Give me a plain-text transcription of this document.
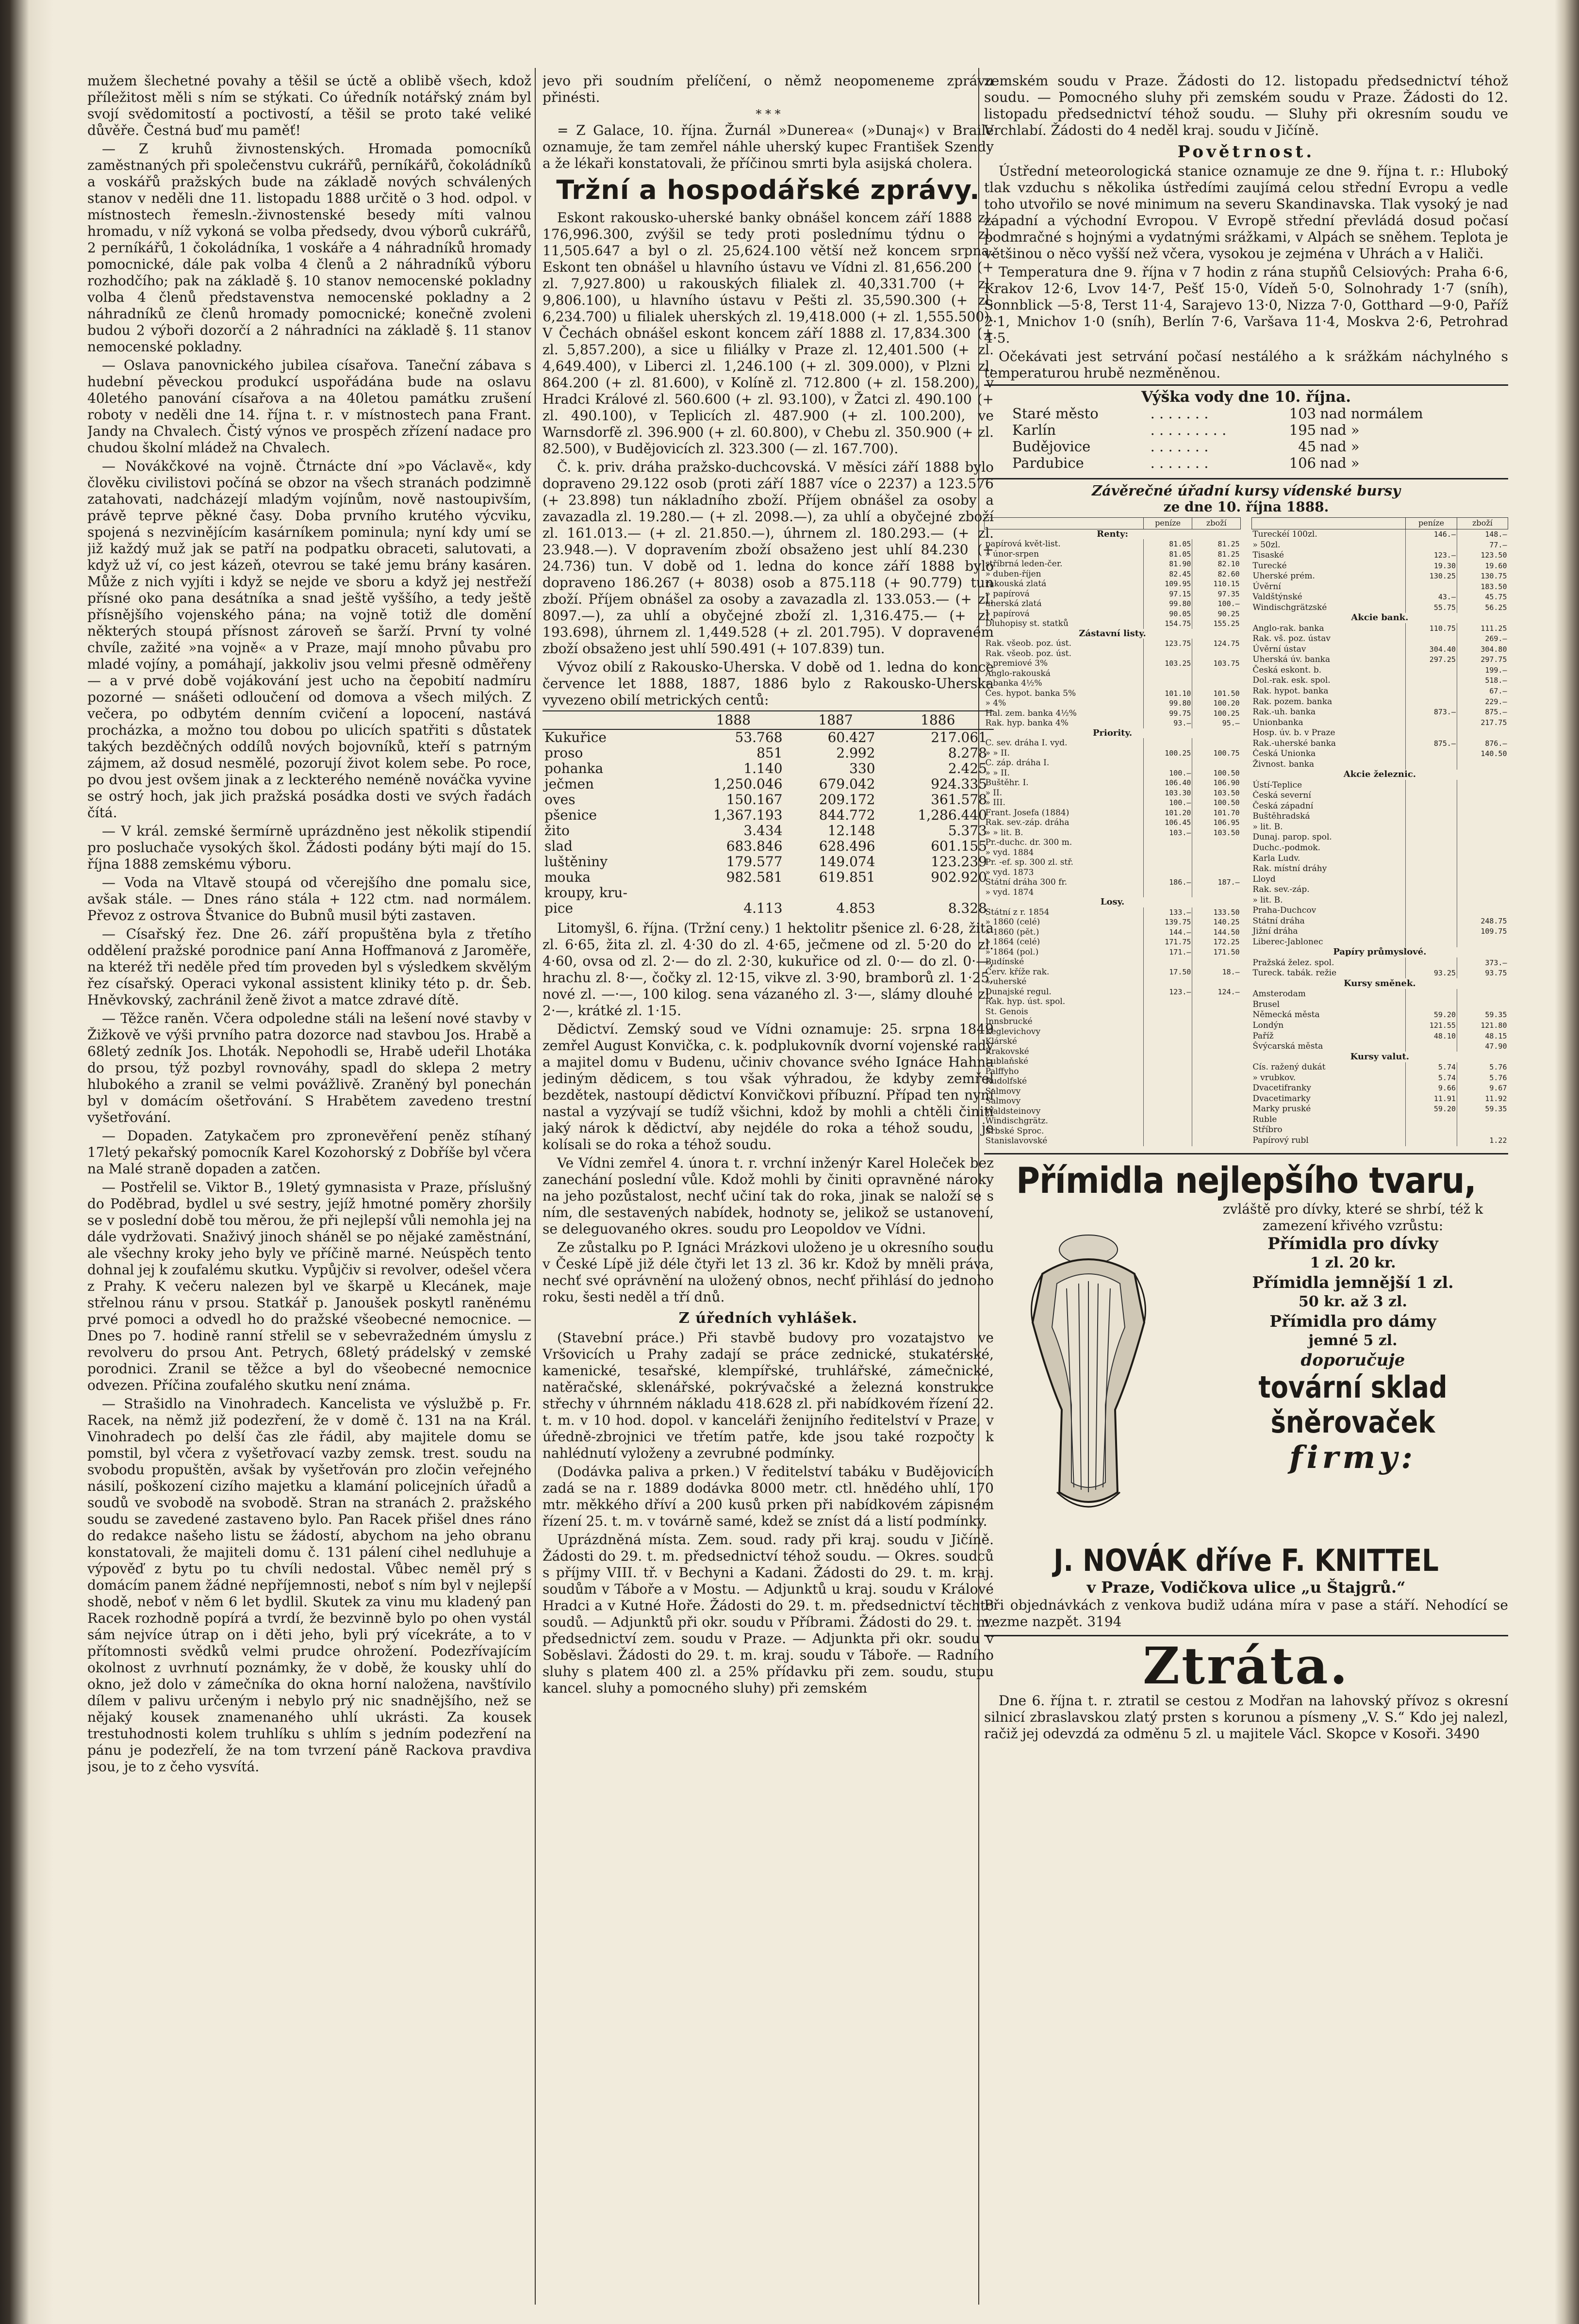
mužem šlechetné povahy a těšil se úctě a oblibě všech, kdož příležitost měli s ním se stýkati. Co úředník notářský znám byl svojí svědomitostí a poctivostí, a těšil se proto také veliké důvěře. Čestná buď mu paměť!

— Z kruhů živnostenských. Hromada pomocníků zaměstnaných při společenstvu cukrářů, perníkářů, čokoládníků a voskářů pražských bude na základě nových schválených stanov v neděli dne 11. listopadu 1888 určitě o 3 hod. odpol. v místnostech řemesln.-živnostenské besedy míti valnou hromadu, v níž vykoná se volba předsedy, dvou výborů cukrářů, 2 perníkářů, 1 čokoládníka, 1 voskáře a 4 náhradníků hromady pomocnické, dále pak volba 4 členů a 2 náhradníků výboru rozhodčího; pak na základě §. 10 stanov nemocenské pokladny volba 4 členů představenstva nemocenské pokladny a 2 náhradníků ze členů hromady pomocnické; konečně zvoleni budou 2 výboři dozorčí a 2 náhradníci na základě §. 11 stanov nemocenské pokladny.

— Oslava panovnického jubilea císařova. Taneční zábava s hudební pěveckou produkcí uspořádána bude na oslavu 40letého panování císařova a na 40letou památku zrušení roboty v neděli dne 14. října t. r. v místnostech pana Frant. Jandy na Chvalech. Čistý výnos ve prospěch zřízení nadace pro chudou školní mládež na Chvalech.

— Novákčkové na vojně. Čtrnácte dní »po Václavě«, kdy člověku civilistovi počíná se obzor na všech stranách podzimně zatahovati, nadcházejí mladým vojínům, nově nastoupivším, právě teprve pěkné časy. Doba prvního krutého výcviku, spojená s nezvinějícím kasárníkem pominula; nyní kdy umí se již každý muž jak se patří na podpatku obraceti, salutovati, a když už ví, co jest kázeň, otevrou se také jemu brány kasáren. Může z nich vyjíti i když se nejde ve sboru a když jej nestřeží přísné oko pana desátníka a snad ještě vyššího, a tedy ještě přísnějšího vojenského pána; na vojně totiž dle domění některých stoupá přísnost zároveň se šarží. První ty volné chvíle, zažité »na vojně« a v Praze, mají mnoho půvabu pro mladé vojíny, a pomáhají, jakkoliv jsou velmi přesně odměřeny — a v prvé době vojákování jest ucho na čepobití nadmíru pozorné — snášeti odloučení od domova a všech milých. Z večera, po odbytém denním cvičení a lopocení, nastává procházka, a možno tou dobou po ulicích spatřiti s důstatek takých bezděčných oddílů nových bojovníků, kteří s patrným zájmem, až dosud nesmělé, pozorují život kolem sebe. Po roce, po dvou jest ovšem jinak a z leckterého neméně nováčka vyvine se ostrý hoch, jak jich pražská posádka dosti ve svých řadách čítá.

— V král. zemské šermírně uprázdněno jest několik stipendií pro posluchače vysokých škol. Žádosti podány býti mají do 15. října 1888 zemskému výboru.

— Voda na Vltavě stoupá od včerejšího dne pomalu sice, avšak stále. — Dnes ráno stála + 122 ctm. nad normálem. Převoz z ostrova Štvanice do Bubnů musil býti zastaven.

— Císařský řez. Dne 26. září propuštěna byla z třetího oddělení pražské porodnice paní Anna Hoffmanová z Jaroměře, na kteréž tři neděle před tím proveden byl s výsledkem skvělým řez císařský. Operaci vykonal assistent kliniky této p. dr. Šeb. Hněvkovský, zachránil ženě život a matce zdravé dítě.

— Těžce raněn. Včera odpoledne stáli na lešení nové stavby v Žižkově ve výši prvního patra dozorce nad stavbou Jos. Hrabě a 68letý zedník Jos. Lhoták. Nepohodli se, Hrabě udeřil Lhotáka do prsou, týž pozbyl rovnováhy, spadl do sklepa 2 metry hlubokého a zranil se velmi povážlivě. Zraněný byl ponechán byl v domácím ošetřování. S Hrabětem zavedeno trestní vyšetřování.

— Dopaden. Zatykačem pro zpronevěření peněz stíhaný 17letý pekařský pomocník Karel Kozohorský z Dobříše byl včera na Malé straně dopaden a zatčen.

— Postřelil se. Viktor B., 19letý gymnasista v Praze, příslušný do Poděbrad, bydlel u své sestry, jejíž hmotné poměry zhoršily se v poslední době tou měrou, že při nejlepší vůli nemohla jej na dále vydržovati. Snaživý jinoch sháněl se po nějaké zaměstnání, ale všechny kroky jeho byly ve příčině marné. Neúspěch tento dohnal jej k zoufalému skutku. Vypůjčiv si revolver, odešel včera z Prahy. K večeru nalezen byl ve škarpě u Klecánek, maje střelnou ránu v prsou. Statkář p. Janoušek poskytl raněnému prvé pomoci a odvedl ho do pražské všeobecné nemocnice. — Dnes po 7. hodině ranní střelil se v sebevražedném úmyslu z revolveru do prsou Ant. Petrych, 68letý prádelský v zemské porodnici. Zranil se těžce a byl do všeobecné nemocnice odvezen. Příčina zoufalého skutku není známa.

— Strašidlo na Vinohradech. Kancelista ve výslužbě p. Fr. Racek, na němž již podezření, že v domě č. 131 na na Král. Vinohradech po delší čas zle řádil, aby majitele domu se pomstil, byl včera z vyšetřovací vazby zemsk. trest. soudu na svobodu propuštěn, avšak by vyšetřován pro zločin veřejného násilí, poškození cizího majetku a klamání policejních úřadů a soudů ve svobodě na svobodě. Stran na stranách 2. pražského soudu se zavedené zastaveno bylo. Pan Racek přišel dnes ráno do redakce našeho listu se žádostí, abychom na jeho obranu konstatovali, že majiteli domu č. 131 pálení cihel nedluhuje a výpověď z bytu po tu chvíli nedostal. Vůbec neměl prý s domácím panem žádné nepříjemnosti, neboť s ním byl v nejlepší shodě, neboť v něm 6 let bydlil. Skutek za vinu mu kladený pan Racek rozhodně popírá a tvrdí, že bezvinně bylo po ohen vystál sám nejvíce útrap on i děti jeho, byli prý vícekráte, a to v přítomnosti svědků velmi prudce ohrožení. Podezřívajícím okolnost z uvrhnutí poznámky, že v době, že kousky uhlí do okno, jež dolo v zámečníka do okna horní naložena, navštívilo dílem v palivu určeným i nebylo prý nic snadnějšího, než se nějaký kousek znamenaného uhlí ukrásti. Za kousek trestuhodnosti kolem truhlíku s uhlím s jedním podezření na pánu je podezřelí, že na tom tvrzení páně Rackova pravdiva jsou, je to z čeho vysvítá.

jevo při soudním přelíčení, o němž neopomeneme zprávu přinésti.

* * *

= Z Galace, 10. října. Žurnál »Dunerea« (»Dunaj«) v Braile oznamuje, že tam zemřel náhle uherský kupec František Szendy a že lékaři konstatovali, že příčinou smrti byla asijská cholera.

Tržní a hospodářské zprávy.

Eskont rakousko-uherské banky obnášel koncem září 1888 zl. 176,996.300, zvýšil se tedy proti poslednímu týdnu o zl. 11,505.647 a byl o zl. 25,624.100 větší než koncem srpna. Eskont ten obnášel u hlavního ústavu ve Vídni zl. 81,656.200 (+ zl. 7,927.800) u rakouských filialek zl. 40,331.700 (+ zl. 9,806.100), u hlavního ústavu v Pešti zl. 35,590.300 (+ zl. 6,234.700) u filialek uherských zl. 19,418.000 (+ zl. 1,555.500). V Čechách obnášel eskont koncem září 1888 zl. 17,834.300 (+ zl. 5,857.200), a sice u filiálky v Praze zl. 12,401.500 (+ zl. 4,649.400), v Liberci zl. 1,246.100 (+ zl. 309.000), v Plzni zl. 864.200 (+ zl. 81.600), v Kolíně zl. 712.800 (+ zl. 158.200), v Hradci Králové zl. 560.600 (+ zl. 93.100), v Žatci zl. 490.100 (+ zl. 490.100), v Teplicích zl. 487.900 (+ zl. 100.200), ve Warnsdorfě zl. 396.900 (+ zl. 60.800), v Chebu zl. 350.900 (+ zl. 82.500), v Budějovicích zl. 323.300 (— zl. 167.700).

Č. k. priv. dráha pražsko-duchcovská. V měsíci září 1888 bylo dopraveno 29.122 osob (proti září 1887 více o 2237) a 123.576 (+ 23.898) tun nákladního zboží. Příjem obnášel za osoby a zavazadla zl. 19.280.— (+ zl. 2098.—), za uhlí a obyčejné zboží zl. 161.013.— (+ zl. 21.850.—), úhrnem zl. 180.293.— (+ zl. 23.948.—). V dopravením zboží obsaženo jest uhlí 84.230 (+ 24.736) tun. V době od 1. ledna do konce září 1888 bylo dopraveno 186.267 (+ 8038) osob a 875.118 (+ 90.779) tun zboží. Příjem obnášel za osoby a zavazadla zl. 133.053.— (+ zl. 8097.—), za uhlí a obyčejné zboží zl. 1,316.475.— (+ zl. 193.698), úhrnem zl. 1,449.528 (+ zl. 201.795). V dopraveném zboží obsaženo jest uhlí 590.491 (+ 107.839) tun.

Vývoz obilí z Rakousko-Uherska. V době od 1. ledna do konce července let 1888, 1887, 1886 bylo z Rakousko-Uherska vyvezeno obilí metrických centů:

	1888	1887	1886
Kukuřice	53.768	60.427	217.061
proso	851	2.992	8.278
pohanka	1.140	330	2.425
ječmen	1,250.046	679.042	924.335
oves	150.167	209.172	361.578
pšenice	1,367.193	844.772	1,286.440
žito	3.434	12.148	5.373
slad	683.846	628.496	601.155
luštěniny	179.577	149.074	123.239
mouka	982.581	619.851	902.920
kroupy, kru-			
pice	4.113	4.853	8.328

Litomyšl, 6. října. (Tržní ceny.) 1 hektolitr pšenice zl. 6·28, žita zl. 6·65, žita zl. zl. 4·30 do zl. 4·65, ječmene od zl. 5·20 do zl. 4·60, ovsa od zl. 2·— do zl. 2·30, kukuřice od zl. 0·— do zl. 0·—, hrachu zl. 8·—, čočky zl. 12·15, vikve zl. 3·90, bramborů zl. 1·25, nové zl. —·—, 100 kilog. sena vázaného zl. 3·—, slámy dlouhé zl. 2·—, krátké zl. 1·15.

Dědictví. Zemský soud ve Vídni oznamuje: 25. srpna 1849 zemřel August Konvička, c. k. podplukovník dvorní vojenské rady a majitel domu v Budenu, učiniv chovance svého Ignáce Hahna jediným dědicem, s tou však výhradou, že kdyby zemřel bezdětek, nastoupí dědictví Konvičkovi příbuzní. Případ ten nyní nastal a vyzývají se tudíž všichni, kdož by mohli a chtěli činiti jaký nárok k dědictví, aby nejdéle do roka a téhož soudu, je kolísali se do roka a téhož soudu.

Ve Vídni zemřel 4. února t. r. vrchní inženýr Karel Holeček bez zanechání poslední vůle. Kdož mohli by činiti opravněné nároky na jeho pozůstalost, nechť učiní tak do roka, jinak se naloží se s ním, dle sestavených nabídek, hodnoty se, jelikož se ustanovení, se deleguovaného okres. soudu pro Leopoldov ve Vídni.

Ze zůstalku po P. Ignáci Mrázkovi uloženo je u okresního soudu v České Lípě již déle čtyři let 13 zl. 36 kr. Kdož by mněli práva, nechť své oprávnění na uložený obnos, nechť přihlásí do jednoho roku, šesti neděl a tří dnů.

Z úředních vyhlášek.

(Stavební práce.) Při stavbě budovy pro vozatajstvo ve Vršovicích u Prahy zadají se práce zednické, stukatérské, kamenické, tesařské, klempířské, truhlářské, zámečnické, natěračské, sklenářské, pokrývačské a železná konstrukce střechy v úhrnném nákladu 418.628 zl. při nabídkovém řízení 22. t. m. v 10 hod. dopol. v kanceláři ženijního ředitelství v Praze, v úředně-zbrojnici ve třetím patře, kde jsou také rozpočty k nahlédnutí vyloženy a zevrubné podmínky.

(Dodávka paliva a prken.) V ředitelství tabáku v Budějovicích zadá se na r. 1889 dodávka 8000 metr. ctl. hnědého uhlí, 170 mtr. měkkého dříví a 200 kusů prken při nabídkovém zápisném řízení 25. t. m. v továrně samé, kdež se zníst dá a listí podmínky.

Uprázdněná místa. Zem. soud. rady při kraj. soudu v Jičíně. Žádosti do 29. t. m. předsednictví téhož soudu. — Okres. soudců s příjmy VIII. tř. v Bechyni a Kadani. Žádosti do 29. t. m. kraj. soudům v Táboře a v Mostu. — Adjunktů u kraj. soudu v Králové Hradci a v Kutné Hoře. Žádosti do 29. t. m. předsednictví těchto soudů. — Adjunktů při okr. soudu v Příbrami. Žádosti do 29. t. m. předsednictví zem. soudu v Praze. — Adjunkta při okr. soudu v Soběslavi. Žádosti do 29. t. m. kraj. soudu v Táboře. — Radního sluhy s platem 400 zl. a 25% přídavku při zem. soudu, stupu kancel. sluhy a pomocného sluhy) při zemském

zemském soudu v Praze. Žádosti do 12. listopadu předsednictví téhož soudu. — Pomocného sluhy při zemském soudu v Praze. Žádosti do 12. listopadu předsednictví téhož soudu. — Sluhy při okresním soudu ve Vrchlabí. Žádosti do 4 neděl kraj. soudu v Jičíně.

Povětrnost.

Ústřední meteorologická stanice oznamuje ze dne 9. října t. r.: Hluboký tlak vzduchu s několika ústředími zaujímá celou střední Evropu a vedle toho utvořilo se nové minimum na severu Skandinavska. Tlak vysoký je nad západní a východní Evropou. V Evropě střední převládá dosud počasí podmračné s hojnými a vydatnými srážkami, v Alpách se sněhem. Teplota je většinou o něco vyšší než včera, vysokou je zejména v Uhrách a v Haliči.

Temperatura dne 9. října v 7 hodin z rána stupňů Celsiových: Praha 6·6, Krakov 12·6, Lvov 14·7, Pešť 15·0, Vídeň 5·0, Solnohrady 1·7 (sníh), Sonnblick —5·8, Terst 11·4, Sarajevo 13·0, Nizza 7·0, Gotthard —9·0, Paříž 2·1, Mnichov 1·0 (sníh), Berlín 7·6, Varšava 11·4, Moskva 2·6, Petrohrad 4·5.

Očekávati jest setrvání počasí nestálého a k srážkám náchylného s temperaturou hrubě nezměněnou.

Výška vody dne 10. října.
Staré město	. . . . . . .	103	nad normálem
Karlín	. . . . . . . . .	195	nad »
Budějovice	. . . . . . .	45	nad »
Pardubice	. . . . . . .	106	nad »
Závěrečné úřadní kursy vídenské bursy
ze dne 10. října 1888.
	peníze	zboží
Renty:		
papírová květ-list.	81.05	81.25
» únor-srpen	81.05	81.25
stříbrná leden-čer.	81.90	82.10
» duben-říjen	82.45	82.60
rakouská zlatá	109.95	110.15
» papírová	97.15	97.35
uherská zlatá	99.80	100.—
» papírová	90.05	90.25
Dluhopisy st. statků	154.75	155.25
Zástavní listy.		
Rak. všeob. poz. úst.	123.75	124.75
Rak. všeob. poz. úst.		
» premiové 3%	103.25	103.75
Anglo-rakouská		
» banka 4½%		
Čes. hypot. banka 5%	101.10	101.50
» 4%	99.80	100.20
Hal. zem. banka 4½%	99.75	100.25
Rak. hyp. banka 4%	93.—	95.—
Priority.		
C. sev. dráha I. vyd.		
» » II.	100.25	100.75
C. záp. dráha I.		
» » II.	100.—	100.50
Buštěhr. I.	106.40	106.90
» II.	103.30	103.50
» III.	100.—	100.50
Frant. Josefa (1884)	101.20	101.70
Rak. sev.-záp. dráha	106.45	106.95
» » lit. B.	103.—	103.50
Pr.-duchc. dr. 300 m.		
» vyd. 1884		
Pr. -ef. sp. 300 zl. stř.		
» vyd. 1873		
Státní dráha 300 fr.	186.—	187.—
» vyd. 1874		
Losy.		
Státní z r. 1854	133.—	133.50
» 1860 (celé)	139.75	140.25
» 1860 (pět.)	144.—	144.50
» 1864 (celé)	171.75	172.25
» 1864 (pol.)	171.—	171.50
Budínské		
Červ. kříže rak.	17.50	18.—
» uherské		
Dunajské regul.	123.—	124.—
Rak. hyp. úst. spol.		
St. Genois		
Innsbrucké		
Keglevichovy		
Klárské		
Krakovské		
Lublaňské		
Palffyho		
Rudolfské		
Salmovy		
Salmovy		
Waldsteinovy		
Windischgrätz.		
Srbské Sproc.		
Stanislavovské		
	peníze	zboží
Tureckéí 100zl.	146.—	148.—
» 50zl.		77.—
Tisaské	123.—	123.50
Turecké	19.30	19.60
Uherské prém.	130.25	130.75
Úvěrní		183.50
Valdštýnské	43.—	45.75
Windischgrätzské	55.75	56.25
Akcie bank.		
Anglo-rak. banka	110.75	111.25
Rak. vš. poz. ústav		269.—
Úvěrní ústav	304.40	304.80
Uherská úv. banka	297.25	297.75
Česká eskont. b.		199.—
Dol.-rak. esk. spol.		518.—
Rak. hypot. banka		67.—
Rak. pozem. banka		229.—
Rak.-uh. banka	873.—	875.—
Unionbanka		217.75
Hosp. úv. b. v Praze		
Rak.-uherské banka	875.—	876.—
Česká Unionka		140.50
Živnost. banka		
Akcie železnic.		
Ústí-Teplice		
Česká severní		
Česká západní		
Buštěhradská		
» lit. B.		
Dunaj. parop. spol.		
Duchc.-podmok.		
Karla Ludv.		
Rak. místní dráhy		
Lloyd		
Rak. sev.-záp.		
» lit. B.		
Praha-Duchcov		
Státní dráha		248.75
Jižní dráha		109.75
Liberec-Jablonec		
Papíry průmyslové.		
Pražská želez. spol.		373.—
Tureck. tabák. režie	93.25	93.75
Kursy směnek.		
Amsterodam		
Brusel		
Německá města	59.20	59.35
Londýn	121.55	121.80
Paříž	48.10	48.15
Švýcarská města		47.90
Kursy valut.		
Cís. ražený dukát	5.74	5.76
» vrubkov.	5.74	5.76
Dvacetifranky	9.66	9.67
Dvacetimarky	11.91	11.92
Marky pruské	59.20	59.35
Ruble		
Stříbro		
Papírový rubl		1.22
Přímidla nejlepšího tvaru,
zvláště pro dívky, které se shrbí, též k zamezení křivého vzrůstu:
Přímidla pro dívky
1 zl. 20 kr.
Přímidla jemnější 1 zl.
50 kr. až 3 zl.
Přímidla pro dámy
jemné 5 zl.
doporučuje
tovární sklad
šněrovaček
firmy:
J. NOVÁK dříve F. KNITTEL
v Praze, Vodičkova ulice „u Štajgrů.“
Při objednávkách z venkova budiž udána míra v pase a stáří. Nehodící se vezme nazpět. 3194
Ztráta.

Dne 6. října t. r. ztratil se cestou z Modřan na lahovský přívoz s okresní silnicí zbraslavskou zlatý prsten s korunou a písmeny „V. S.“ Kdo jej nalezl, račiž jej odevzdá za odměnu 5 zl. u majitele Václ. Skopce v Kosoři. 3490
